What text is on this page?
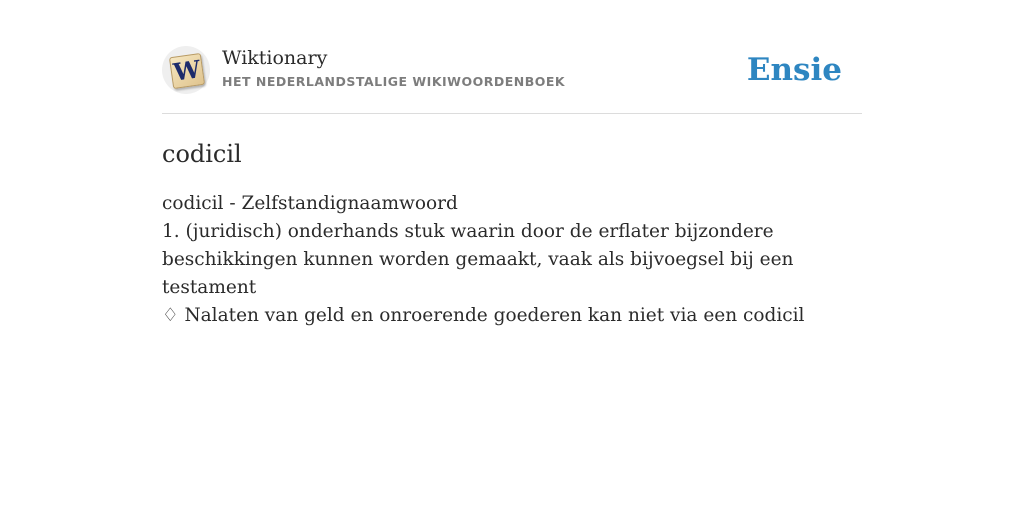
W Wiktionary
HET NEDERLANDSTALIGE WIKIWOORDENBOEK	Ensie
codicil
codicil - Zelfstandignaamwoord
1. (juridisch) onderhands stuk waarin door de erflater bijzondere beschikkingen kunnen worden gemaakt, vaak als bijvoegsel bij een testament
♢ Nalaten van geld en onroerende goederen kan niet via een codicil
